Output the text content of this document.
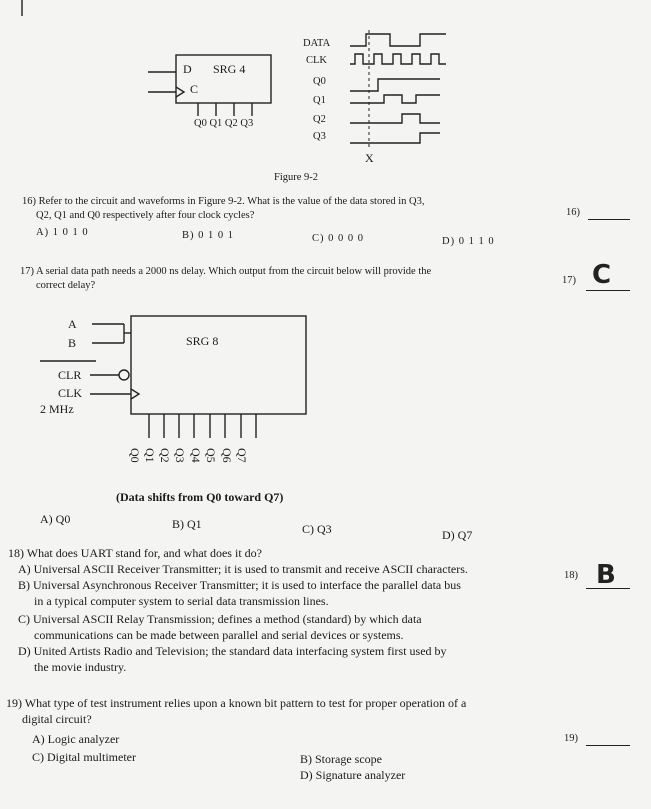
D SRG 4
C
Q0 Q1 Q2 Q3
DATA
CLK
Q0
Q1
Q2
Q3
X
Figure 9-2
16) Refer to the circuit and waveforms in Figure 9-2. What is the value of the data stored in Q3,
Q2, Q1 and Q0 respectively after four clock cycles?	16)
A) 1 0 1 0	B) 0 1 0 1	C) 0 0 0 0	D) 0 1 1 0
17) A serial data path needs a 2000 ns delay. Which output from the circuit below will provide the
correct delay?	17) C
A
B
CLR
CLK
2 MHz
SRG 8
Q0 Q1 Q2 Q3 Q4 Q5 Q6 Q7
(Data shifts from Q0 toward Q7)
A) Q0	B) Q1	C) Q3	D) Q7
18) What does UART stand for, and what does it do?
A) Universal ASCII Receiver Transmitter; it is used to transmit and receive ASCII characters.
B) Universal Asynchronous Receiver Transmitter; it is used to interface the parallel data bus
in a typical computer system to serial data transmission lines.
C) Universal ASCII Relay Transmission; defines a method (standard) by which data
communications can be made between parallel and serial devices or systems.
D) United Artists Radio and Television; the standard data interfacing system first used by
the movie industry.
18) B
19) What type of test instrument relies upon a known bit pattern to test for proper operation of a
digital circuit?
19)
A) Logic analyzer
B) Storage scope
C) Digital multimeter
D) Signature analyzer
